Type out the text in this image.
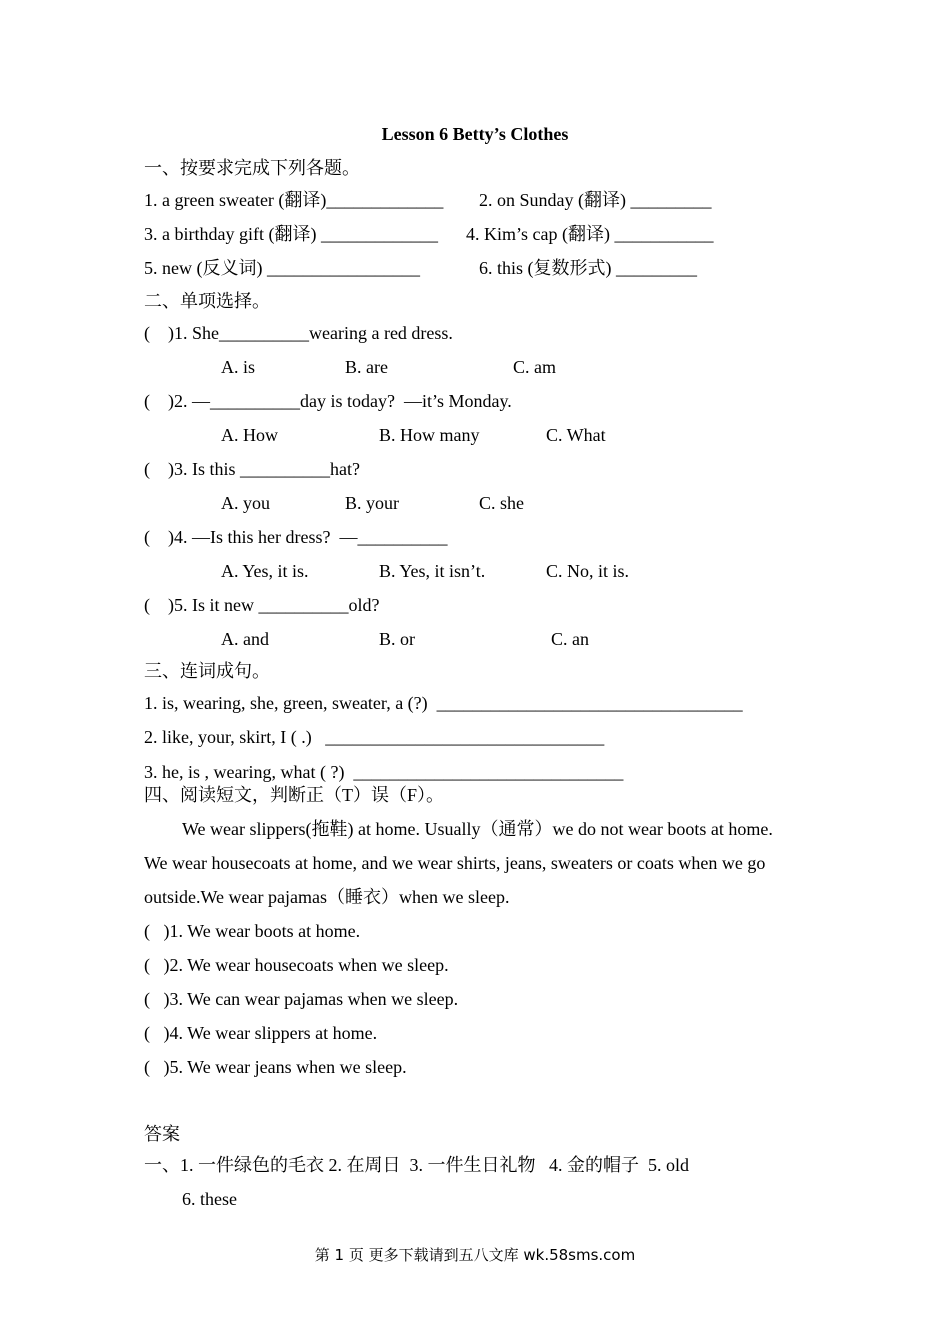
Lesson 6 Betty’s Clothes
一、按要求完成下列各题。
1. a green sweater (翻译)_____________ 2. on Sunday (翻译) _________
3. a birthday gift (翻译) _____________ 4. Kim’s cap (翻译) ___________
5. new (反义词) _________________	6. this (复数形式) _________
二、单项选择。
(    )1. She__________wearing a red dress.
A. is	B. are	C. am
(    )2. —__________day is today?  —it’s Monday.
A. How	B. How many	C. What
(    )3. Is this __________hat?
A. you	B. your	C. she
(    )4. —Is this her dress?  —__________
A. Yes, it is.	B. Yes, it isn’t.	C. No, it is.
(    )5. Is it new __________old?
A. and	B. or	C. an
三、连词成句。
1. is, wearing, she, green, sweater, a (?)  __________________________________
2. like, your, skirt, I ( .)   _______________________________
3. he, is , wearing, what ( ?)  ______________________________
四、阅读短文，判断正（T）误（F）。
We wear slippers(拖鞋) at home. Usually（通常）we do not wear boots at home.
We wear housecoats at home, and we wear shirts, jeans, sweaters or coats when we go
outside.We wear pajamas（睡衣）when we sleep.
(   )1. We wear boots at home.
(   )2. We wear housecoats when we sleep.
(   )3. We can wear pajamas when we sleep.
(   )4. We wear slippers at home.
(   )5. We wear jeans when we sleep.
答案
一、1. 一件绿色的毛衣 2. 在周日  3. 一件生日礼物   4. 金的帽子  5. old
6. these
第 1 页 更多下载请到五八文库 wk.58sms.com
